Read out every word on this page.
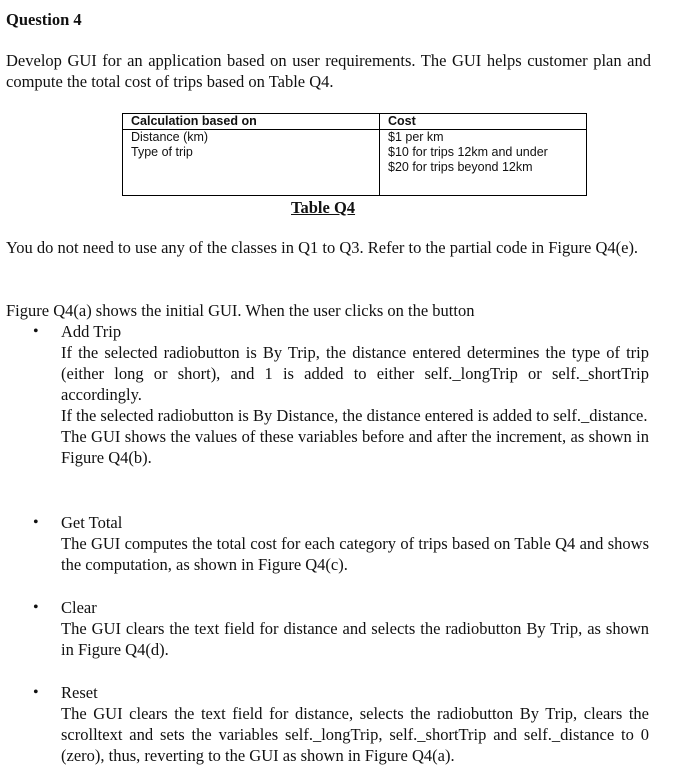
Question 4
Develop GUI for an application based on user requirements. The GUI helps customer plan and compute the total cost of trips based on Table Q4.
Calculation based on	Cost
Distance (km)	$1 per km
Type of trip	$10 for trips 12km and under
$20 for trips beyond 12km
Table Q4
You do not need to use any of the classes in Q1 to Q3. Refer to the partial code in Figure Q4(e).
Figure Q4(a) shows the initial GUI. When the user clicks on the button
• Add Trip

If the selected radiobutton is By Trip, the distance entered determines the type of trip (either long or short), and 1 is added to either self._longTrip or self._shortTrip accordingly.

If the selected radiobutton is By Distance, the distance entered is added to self._distance.

The GUI shows the values of these variables before and after the increment, as shown in Figure Q4(b).

• Get Total

The GUI computes the total cost for each category of trips based on Table Q4 and shows the computation, as shown in Figure Q4(c).

• Clear

The GUI clears the text field for distance and selects the radiobutton By Trip, as shown in Figure Q4(d).

• Reset

The GUI clears the text field for distance, selects the radiobutton By Trip, clears the scrolltext and sets the variables self._longTrip, self._shortTrip and self._distance to 0 (zero), thus, reverting to the GUI as shown in Figure Q4(a).
